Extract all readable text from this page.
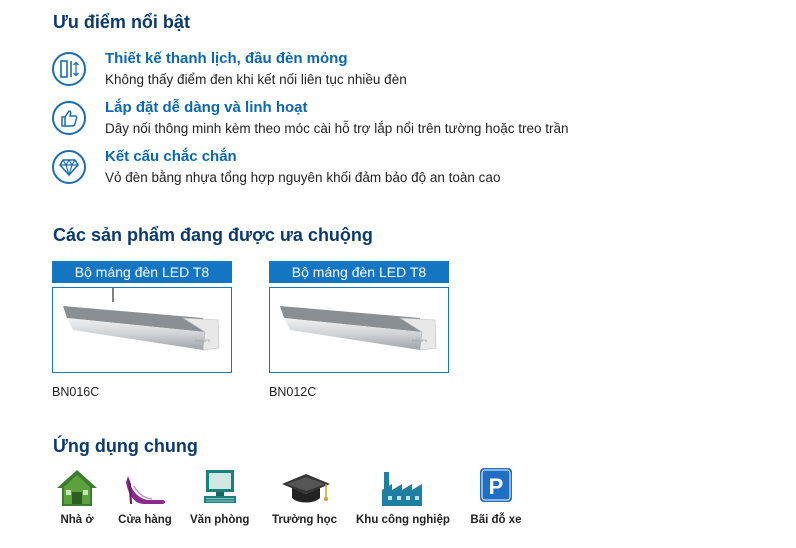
Ưu điểm nổi bật
Thiết kế thanh lịch, đầu đèn mỏng
Không thấy điểm đen khi kết nối liên tục nhiều đèn
Lắp đặt dễ dàng và linh hoạt
Dây nối thông minh kèm theo móc cài hỗ trợ lắp nổi trên tường hoặc treo trần
Kết cấu chắc chắn
Vỏ đèn bằng nhựa tổng hợp nguyên khối đảm bảo độ an toàn cao
Các sản phẩm đang được ưa chuộng
Bộ máng đèn LED T8
PHILIPS
BN016C
Bộ máng đèn LED T8
PHILIPS
BN012C
Ứng dụng chung
Nhà ở	Cửa hàng Văn phòng Trường học Khu công nghiệp
P
Bãi đỗ xe
